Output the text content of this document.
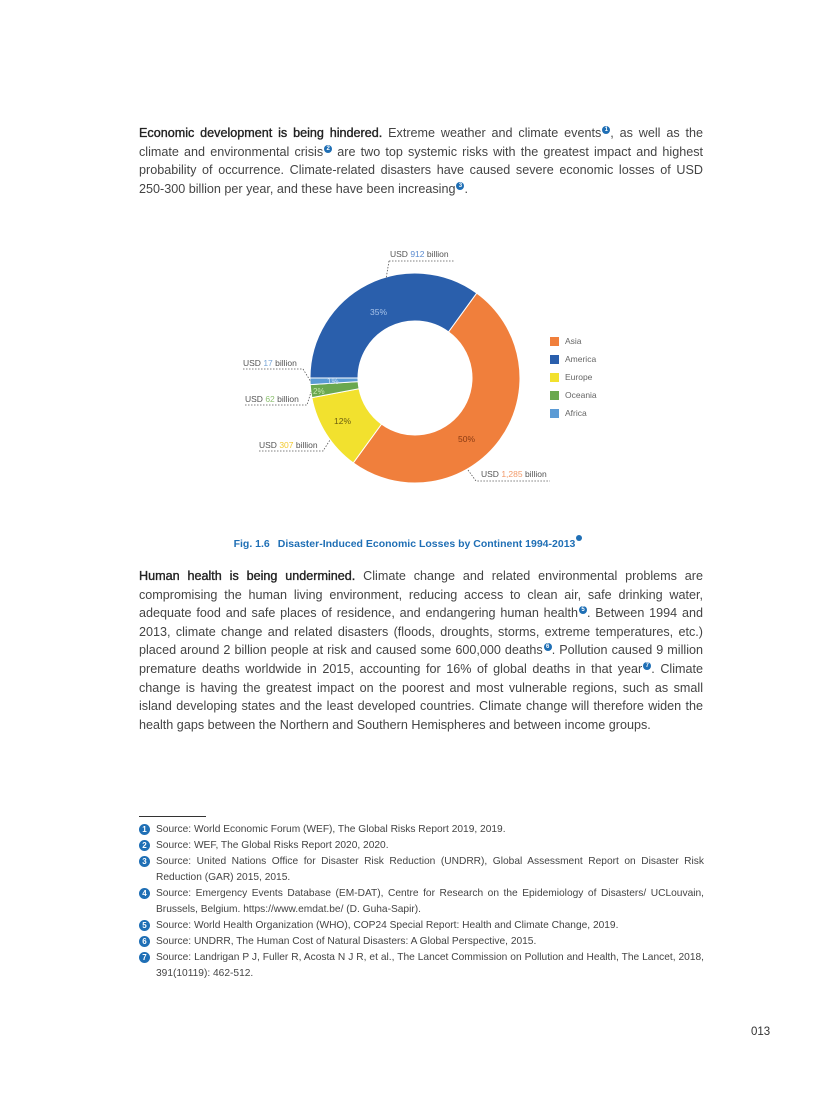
Economic development is being hindered. Extreme weather and climate events 1 , as well as the climate and environmental crisis 2 are two top systemic risks with the greatest impact and highest probability of occurrence. Climate-related disasters have caused severe economic losses of USD 250-300 billion per year, and these have been increasing 3 .
35%
50%
12%
2%
1%
USD 912 billion
USD 17 billion
USD 62 billion
USD 307 billion
USD 1,285 billion
Asia
America
Europe
Oceania
Africa
Fig. 1.6 Disaster-Induced Economic Losses by Continent 1994-2013
Human health is being undermined. Climate change and related environmental problems are compromising the human living environment, reducing access to clean air, safe drinking water, adequate food and safe places of residence, and endangering human health 5 . Between 1994 and 2013, climate change and related disasters (floods, droughts, storms, extreme temperatures, etc.) placed around 2 billion people at risk and caused some 600,000 deaths 6 . Pollution caused 9 million premature deaths worldwide in 2015, accounting for 16% of global deaths in that year 7 . Climate change is having the greatest impact on the poorest and most vulnerable regions, such as small island developing states and the least developed countries. Climate change will therefore widen the health gaps between the Northern and Southern Hemispheres and between income groups.
1 Source: World Economic Forum (WEF), The Global Risks Report 2019, 2019.
2 Source: WEF, The Global Risks Report 2020, 2020.
3 Source: United Nations Office for Disaster Risk Reduction (UNDRR), Global Assessment Report on Disaster Risk Reduction (GAR) 2015, 2015.
4 Source: Emergency Events Database (EM-DAT), Centre for Research on the Epidemiology of Disasters/ UCLouvain, Brussels, Belgium. https://www.emdat.be/ (D. Guha-Sapir).
5 Source: World Health Organization (WHO), COP24 Special Report: Health and Climate Change, 2019.
6 Source: UNDRR, The Human Cost of Natural Disasters: A Global Perspective, 2015.
7 Source: Landrigan P J, Fuller R, Acosta N J R, et al., The Lancet Commission on Pollution and Health, The Lancet, 2018, 391(10119): 462-512.
013
